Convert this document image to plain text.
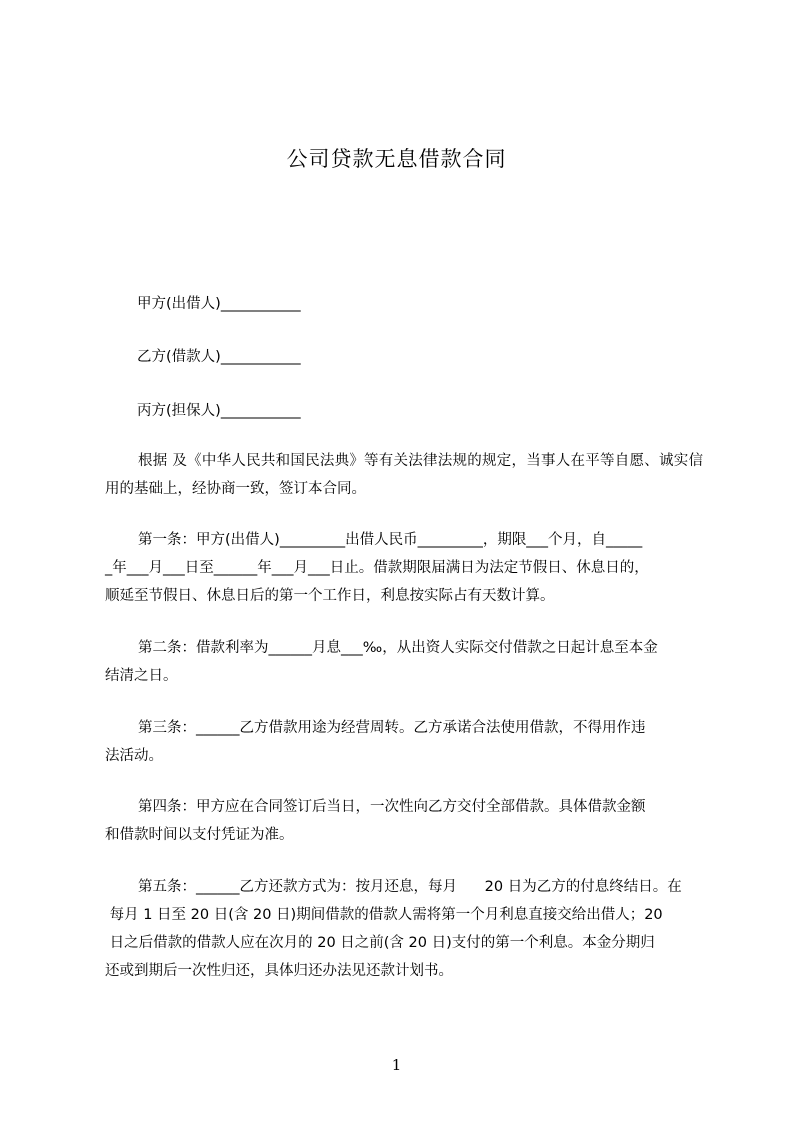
公司贷款无息借款合同
甲方(出借人)___________
乙方(借款人)___________
丙方(担保人)___________
根据 及《中华人民共和国民法典》等有关法律法规的规定，当事人在平等自愿、诚实信用的基础上，经协商一致，签订本合同。
第一条：甲方(出借人)_________出借人民币_________，期限___个月，自_____
_年___月___日至______年___月___日止。借款期限届满日为法定节假日、休息日的，
顺延至节假日、休息日后的第一个工作日，利息按实际占有天数计算。
第二条：借款利率为______月息___‰，从出资人实际交付借款之日起计息至本金
结清之日。
第三条：______乙方借款用途为经营周转。乙方承诺合法使用借款，不得用作违
法活动。
第四条：甲方应在合同签订后当日，一次性向乙方交付全部借款。具体借款金额
和借款时间以支付凭证为准。
第五条：______乙方还款方式为：按月还息，每月      20 日为乙方的付息终结日。在
每月 1 日至 20 日(含 20 日)期间借款的借款人需将第一个月利息直接交给出借人；20
日之后借款的借款人应在次月的 20 日之前(含 20 日)支付的第一个利息。本金分期归
还或到期后一次性归还，具体归还办法见还款计划书。
1
